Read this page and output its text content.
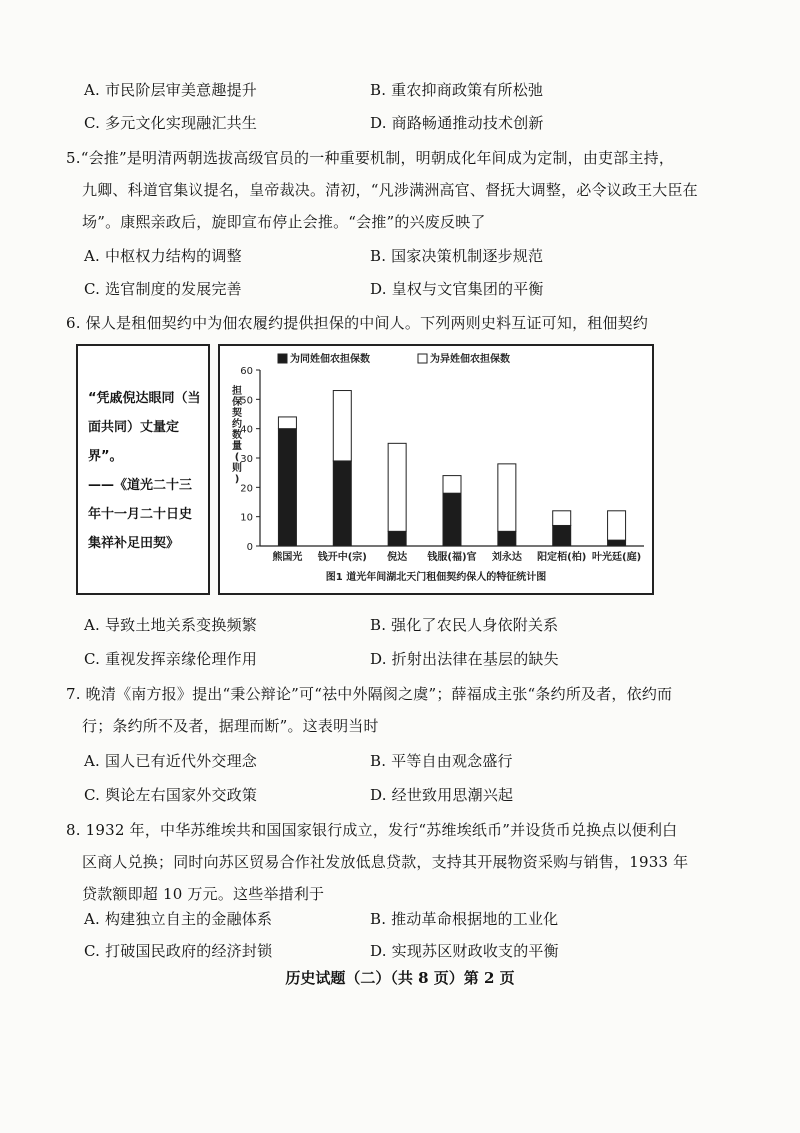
A. 市民阶层审美意趣提升	B. 重农抑商政策有所松弛
C. 多元文化实现融汇共生	D. 商路畅通推动技术创新
5.“会推”是明清两朝选拔高级官员的一种重要机制，明朝成化年间成为定制，由吏部主持，
九卿、科道官集议提名，皇帝裁决。清初，“凡涉满洲高官、督抚大调整，必令议政王大臣在
场”。康熙亲政后，旋即宣布停止会推。“会推”的兴废反映了
A. 中枢权力结构的调整	B. 国家决策机制逐步规范
C. 选官制度的发展完善	D. 皇权与文官集团的平衡
6. 保人是租佃契约中为佃农履约提供担保的中间人。下列两则史料互证可知，租佃契约
“凭戚倪达眼同（当面共同）丈量定界”。
——《道光二十三年十一月二十日史集祥补足田契》	0
10
20
30
40
50
60
担
保
契
约
数
量
(
则
)
熊国光 钱开中(宗) 倪达 钱服(福)官 刘永达 阳定栢(柏) 叶光廷(庭)
为同姓佃农担保数	为异姓佃农担保数
图1 道光年间湖北天门租佃契约保人的特征统计图
A. 导致土地关系变换频繁	B. 强化了农民人身依附关系
C. 重视发挥亲缘伦理作用	D. 折射出法律在基层的缺失
7. 晚清《南方报》提出“秉公辩论”可“祛中外隔阂之虞”；薛福成主张“条约所及者，依约而
行；条约所不及者，据理而断”。这表明当时
A. 国人已有近代外交理念	B. 平等自由观念盛行
C. 舆论左右国家外交政策	D. 经世致用思潮兴起
8. 1932 年，中华苏维埃共和国国家银行成立，发行“苏维埃纸币”并设货币兑换点以便利白
区商人兑换；同时向苏区贸易合作社发放低息贷款，支持其开展物资采购与销售，1933 年
贷款额即超 10 万元。这些举措利于
A. 构建独立自主的金融体系	B. 推动革命根据地的工业化
C. 打破国民政府的经济封锁	D. 实现苏区财政收支的平衡
历史试题（二）（共 8 页）第 2 页
